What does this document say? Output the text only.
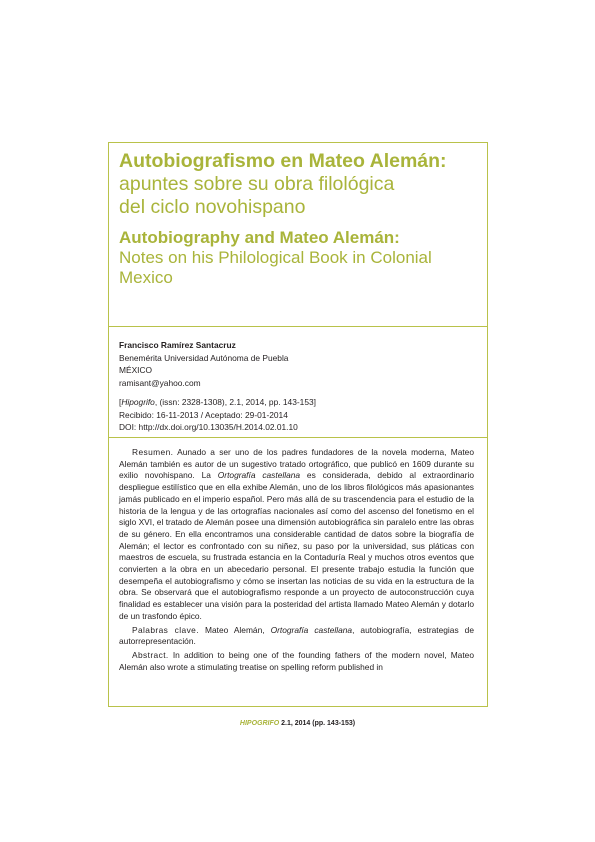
Autobiografismo en Mateo Alemán:
apuntes sobre su obra filológica
del ciclo novohispano
Autobiography and Mateo Alemán:
Notes on his Philological Book in Colonial
Mexico
Francisco Ramírez Santacruz
Benemérita Universidad Autónoma de Puebla
MÉXICO
ramisant@yahoo.com
[Hipogrifo, (issn: 2328-1308), 2.1, 2014, pp. 143-153]
Recibido: 16-11-2013 / Aceptado: 29-01-2014
DOI: http://dx.doi.org/10.13035/H.2014.02.01.10

Resumen. Aunado a ser uno de los padres fundadores de la novela moderna, Mateo Alemán también es autor de un sugestivo tratado ortográfico, que publicó en 1609 durante su exilio novohispano. La Ortografía castellana es considerada, debido al extraordinario despliegue estilístico que en ella exhibe Alemán, uno de los libros filológicos más apasionantes jamás publicado en el imperio español. Pero más allá de su trascendencia para el estudio de la historia de la lengua y de las ortografías nacionales así como del ascenso del fonetismo en el siglo XVI, el tratado de Alemán posee una dimensión autobiográfica sin paralelo entre las obras de su género. En ella encontramos una considerable cantidad de datos sobre la biografía de Alemán; el lector es confrontado con su niñez, su paso por la universidad, sus pláticas con maestros de escuela, su frustrada estancia en la Contaduría Real y muchos otros eventos que convierten a la obra en un abecedario personal. El presente trabajo estudia la función que desempeña el autobiografismo y cómo se insertan las noticias de su vida en la estructura de la obra. Se observará que el autobiografismo responde a un proyecto de autoconstrucción cuya finalidad es establecer una visión para la posteridad del artista llamado Mateo Alemán y dotarlo de un trasfondo épico.

Palabras clave. Mateo Alemán, Ortografía castellana, autobiografía, estrategias de autorrepresentación.

Abstract. In addition to being one of the founding fathers of the modern novel, Mateo Alemán also wrote a stimulating treatise on spelling reform published in

HIPOGRIFO 2.1, 2014 (pp. 143-153)
